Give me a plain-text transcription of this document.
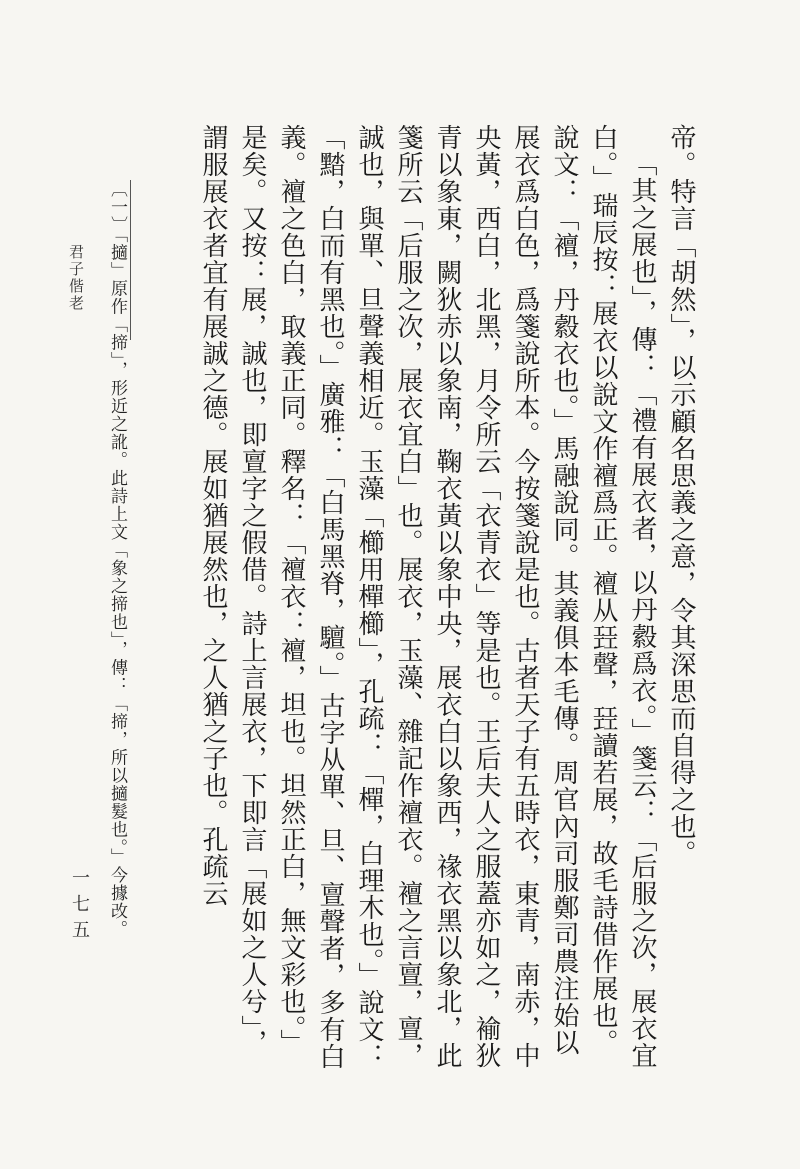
君子偕老
一七五

帝。特言「胡然」，以示顧名思義之意，令其深思而自得之也。

「其之展也」，傳：「禮有展衣者，以丹縠爲衣。」箋云：「后服之次，展衣宜白。」瑞辰按：展衣以說文作襢爲正。襢从㠭聲，㠭讀若展，故毛詩借作展也。說文：「襢，丹縠衣也。」馬融說同。其義俱本毛傳。周官內司服鄭司農注始以展衣爲白色，爲箋說所本。今按箋說是也。古者天子有五時衣，東青，南赤，中央黃，西白，北黑，月令所云「衣青衣」等是也。王后夫人之服蓋亦如之，褕狄青以象東，闕狄赤以象南，鞠衣黃以象中央，展衣白以象西，禒衣黑以象北，此箋所云「后服之次，展衣宜白」也。展衣，玉藻、雜記作襢衣。襢之言亶，亶，誠也，與單、旦聲義相近。玉藻「櫛用樿櫛」，孔疏：「樿，白理木也。」說文：「䵬，白而有黑也。」廣雅：「白馬黑脊，驙。」古字从單、旦、亶聲者，多有白義。襢之色白，取義正同。釋名：「襢衣：襢，坦也。坦然正白，無文彩也。」是矣。又按：展，誠也，即亶字之假借。詩上言展衣，下即言「展如之人兮」，謂服展衣者宜有展誠之德。展如猶展然也，之人猶之子也。孔疏云

〔一〕「擿」原作「揥」，形近之訛。此詩上文「象之揥也」，傳：「揥，所以擿髮也。」今據改。
